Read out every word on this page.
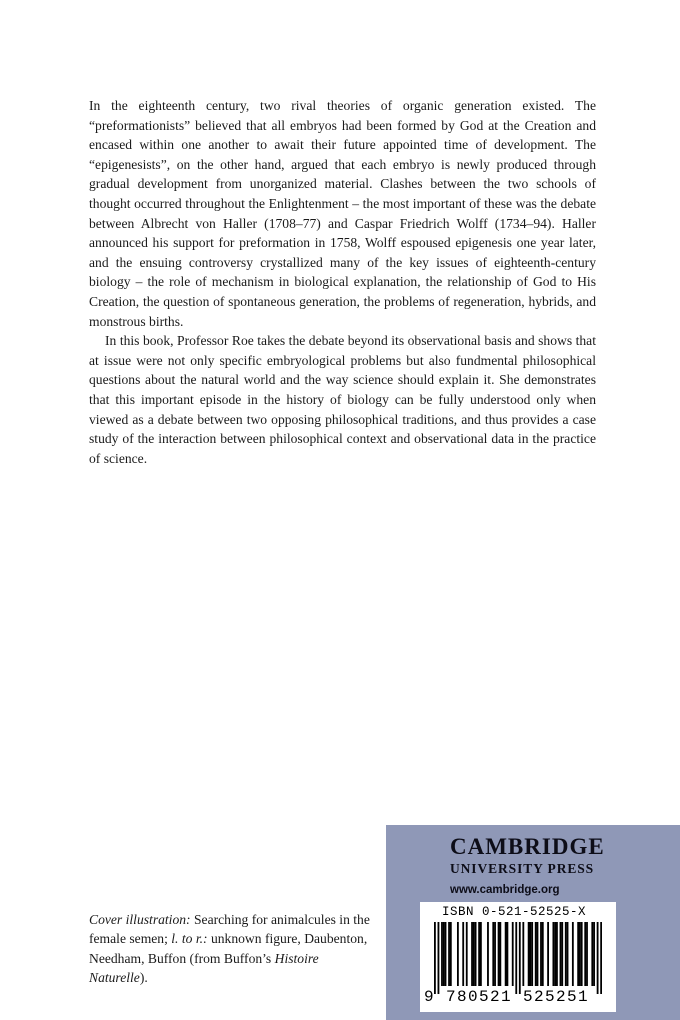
In the eighteenth century, two rival theories of organic generation existed. The “preformationists” believed that all embryos had been formed by God at the Creation and encased within one another to await their future appointed time of development. The “epigenesists”, on the other hand, argued that each embryo is newly produced through gradual development from unorganized material. Clashes between the two schools of thought occurred throughout the Enlightenment – the most important of these was the debate between Albrecht von Haller (1708–77) and Caspar Friedrich Wolff (1734–94). Haller announced his support for preformation in 1758, Wolff espoused epigenesis one year later, and the ensuing controversy crystallized many of the key issues of eighteenth-century biology – the role of mechanism in biological explanation, the relationship of God to His Creation, the question of spontaneous generation, the problems of regeneration, hybrids, and monstrous births.

In this book, Professor Roe takes the debate beyond its observational basis and shows that at issue were not only specific embryological problems but also fundmental philosophical questions about the natural world and the way science should explain it. She demonstrates that this important episode in the history of biology can be fully understood only when viewed as a debate between two opposing philosophical traditions, and thus provides a case study of the interaction between philosophical context and observational data in the practice of science.

Cover illustration: Searching for animalcules in the female semen; l. to r.: unknown figure, Daubenton, Needham, Buffon (from Buffon’s Histoire Naturelle).
CAMBRIDGE
UNIVERSITY PRESS
www.cambridge.org
ISBN 0-521-52525-X
9 780521 525251
